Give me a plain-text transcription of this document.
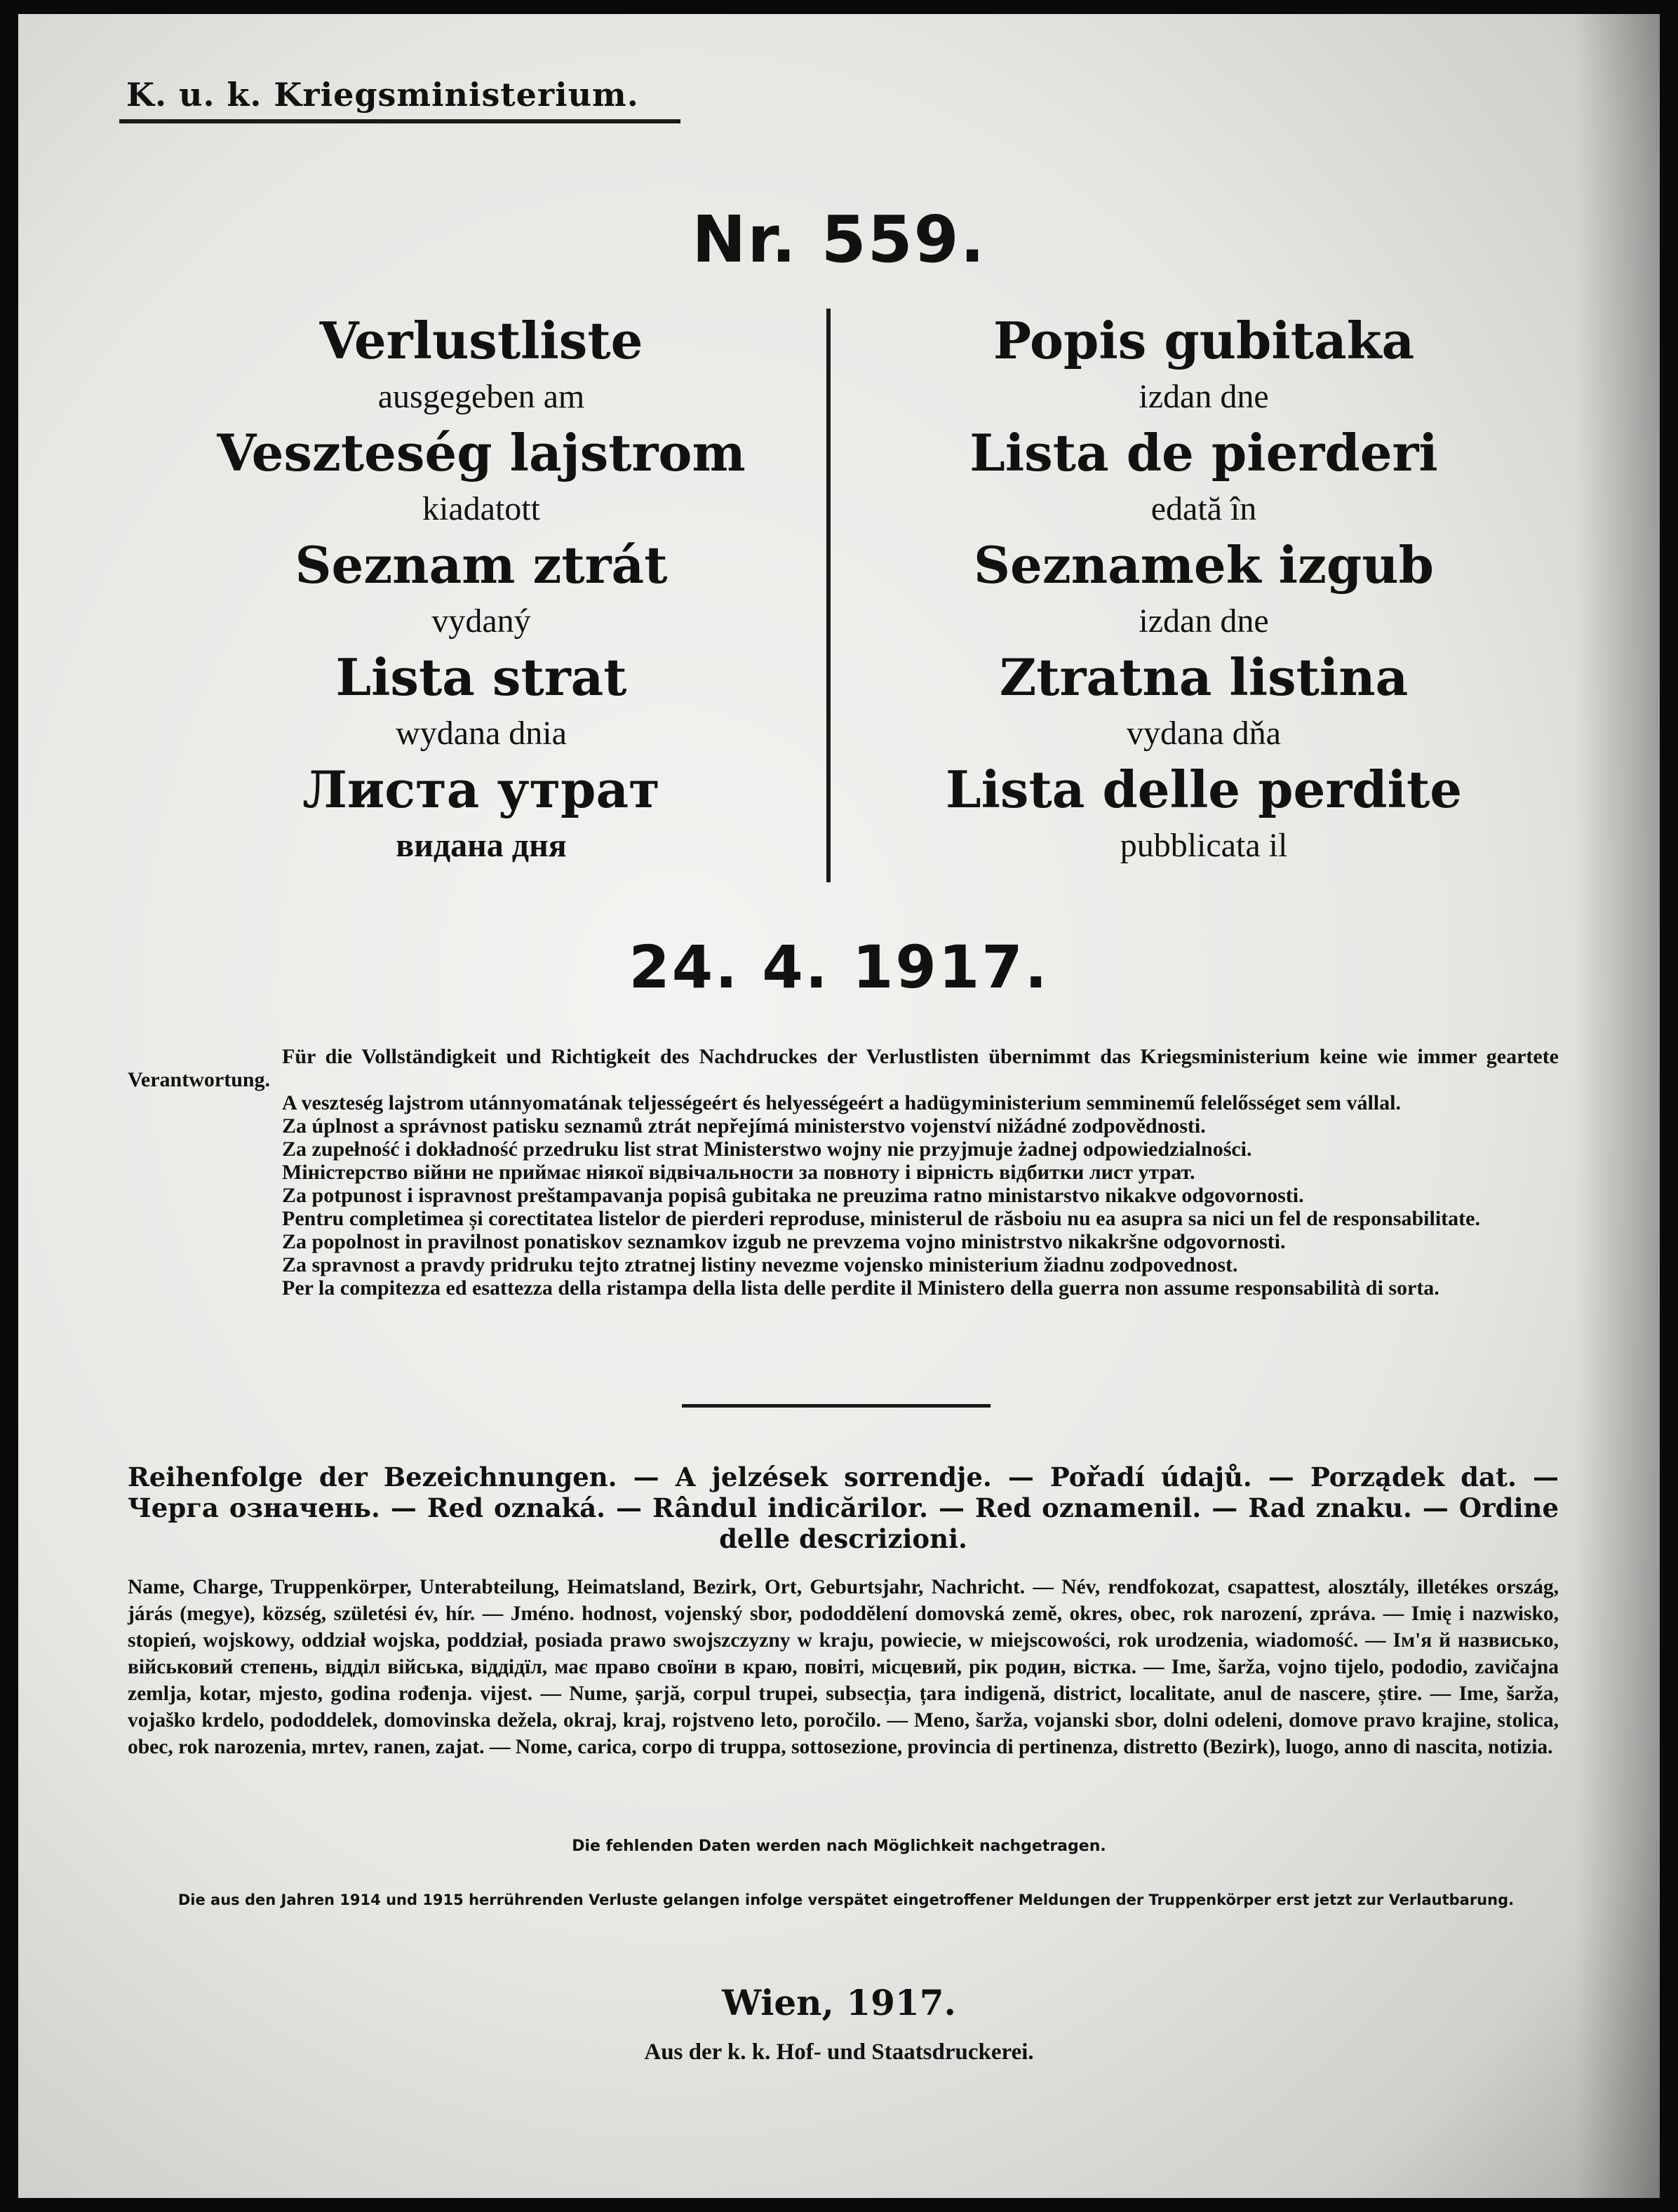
K. u. k. Kriegsministerium.
Nr. 559.
Verlustliste
ausgegeben am
Veszteség lajstrom
kiadatott
Seznam ztrát
vydaný
Lista strat
wydana dnia
Листа утрат
видана дня
Popis gubitaka
izdan dne
Lista de pierderi
edată în
Seznamek izgub
izdan dne
Ztratna listina
vydana dňa
Lista delle perdite
pubblicata il
24. 4. 1917.

Für die Vollständigkeit und Richtigkeit des Nachdruckes der Verlustlisten übernimmt das Kriegsministerium keine wie immer geartete Verantwortung.

A veszteség lajstrom utánnyomatának teljességeért és helyességeért a hadügyministerium semminemű felelősséget sem vállal.

Za úplnost a správnost patisku seznamů ztrát nepřejímá ministerstvo vojenství nižádné zodpovědnosti.

Za zupełność i dokładność przedruku list strat Ministerstwo wojny nie przyjmuje żadnej odpowiedzialności.

Міністерство війни не приймає ніякої відвічальности за повноту і вірність відбитки лист утрат.

Za potpunost i ispravnost preštampavanja popisâ gubitaka ne preuzima ratno ministarstvo nikakve odgovornosti.

Pentru completimea și corectitatea listelor de pierderi reproduse, ministerul de răsboiu nu ea asupra sa nici un fel de responsabilitate.

Za popolnost in pravilnost ponatiskov seznamkov izgub ne prevzema vojno ministrstvo nikakršne odgovornosti.

Za spravnost a pravdy pridruku tejto ztratnej listiny nevezme vojensko ministerium žiadnu zodpovednost.

Per la compitezza ed esattezza della ristampa della lista delle perdite il Ministero della guerra non assume responsabilità di sorta.

Reihenfolge der Bezeichnungen. — A jelzések sorrendje. — Pořadí údajů. — Porządek dat. — Черга означень. — Red oznaká. — Rândul indicărilor. — Red oznamenil. — Rad znaku. — Ordine delle descrizioni.
Name, Charge, Truppenkörper, Unterabteilung, Heimatsland, Bezirk, Ort, Geburtsjahr, Nachricht. — Név, rendfokozat, csapattest, alosztály, illetékes ország, járás (megye), község, születési év, hír. — Jméno. hodnost, vojenský sbor, pododdělení domovská země, okres, obec, rok narození, zpráva. — Imię i nazwisko, stopień, wojskowy, oddział wojska, poddział, posiada prawo swojszczyzny w kraju, powiecie, w miejscowości, rok urodzenia, wiadomość. — Ім'я й назвисько, військовий степень, відділ війська, віддідїл, має право своїни в краю, повіті, місцевий, рік родин, вістка. — Ime, šarža, vojno tijelo, pododio, zavičajna zemlja, kotar, mjesto, godina rođenja. vijest. — Nume, șarjă, corpul trupei, subsecția, țara indigenă, district, localitate, anul de nascere, știre. — Ime, šarža, vojaško krdelo, pododdelek, domovinska dežela, okraj, kraj, rojstveno leto, poročilo. — Meno, šarža, vojanski sbor, dolni odeleni, domove pravo krajine, stolica, obec, rok narozenia, mrtev, ranen, zajat. — Nome, carica, corpo di truppa, sottosezione, provincia di pertinenza, distretto (Bezirk), luogo, anno di nascita, notizia.
Die fehlenden Daten werden nach Möglichkeit nachgetragen.
Die aus den Jahren 1914 und 1915 herrührenden Verluste gelangen infolge verspätet eingetroffener Meldungen der Truppenkörper erst jetzt zur Verlautbarung.
Wien, 1917.
Aus der k. k. Hof- und Staatsdruckerei.
